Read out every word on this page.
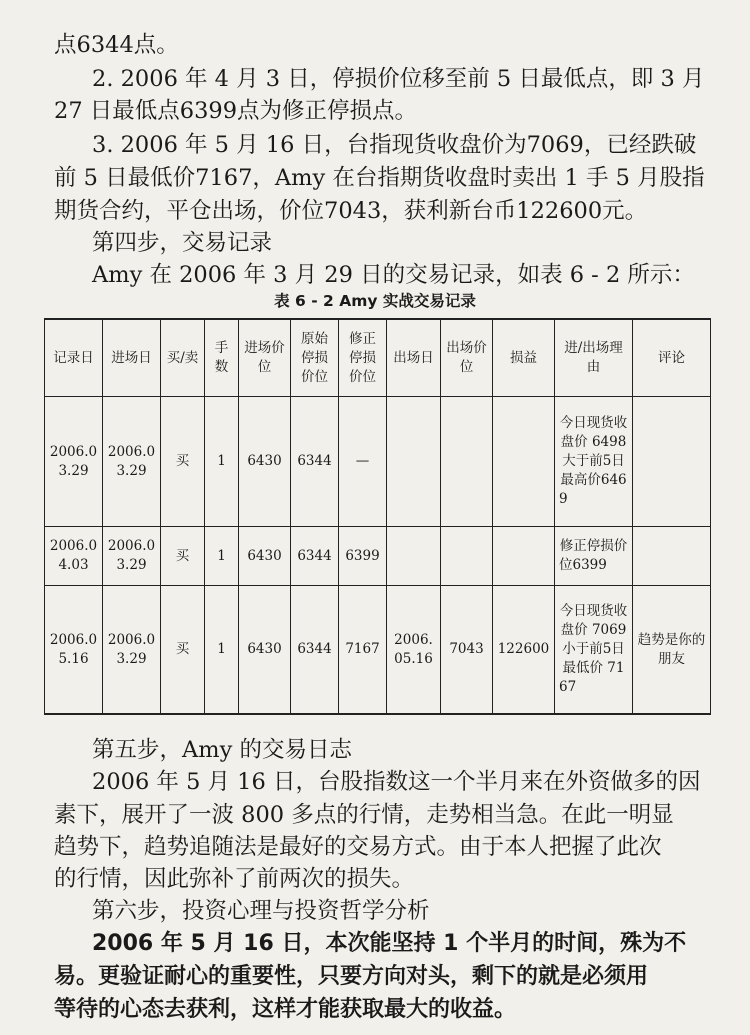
点6344点。
2. 2006 年 4 月 3 日，停损价位移至前 5 日最低点，即 3 月
27 日最低点6399点为修正停损点。
3. 2006 年 5 月 16 日，台指现货收盘价为7069，已经跌破
前 5 日最低价7167，Amy 在台指期货收盘时卖出 1 手 5 月股指
期货合约，平仓出场，价位7043，获利新台币122600元。
第四步，交易记录
Amy 在 2006 年 3 月 29 日的交易记录，如表 6 - 2 所示：
表 6 - 2 Amy 实战交易记录
记录日	进场日	买/卖	手数	进场价位	原始停损价位	修正停损价位	出场日	出场价位	损益	进/出场理由	评论
2006.03.29	2006.03.29	买	1	6430	6344	—				今日现货收盘价 6498 大于前5日最高价6469	
2006.04.03	2006.03.29	买	1	6430	6344	6399				修正停损价位6399	
2006.05.16	2006.03.29	买	1	6430	6344	7167	2006.05.16	7043	122600	今日现货收盘价 7069 小于前5日最低价 7167	趋势是你的朋友
第五步，Amy 的交易日志
2006 年 5 月 16 日，台股指数这一个半月来在外资做多的因
素下，展开了一波 800 多点的行情，走势相当急。在此一明显
趋势下，趋势追随法是最好的交易方式。由于本人把握了此次
的行情，因此弥补了前两次的损失。
第六步，投资心理与投资哲学分析
2006 年 5 月 16 日，本次能坚持 1 个半月的时间，殊为不
易。更验证耐心的重要性，只要方向对头，剩下的就是必须用
等待的心态去获利，这样才能获取最大的收益。
